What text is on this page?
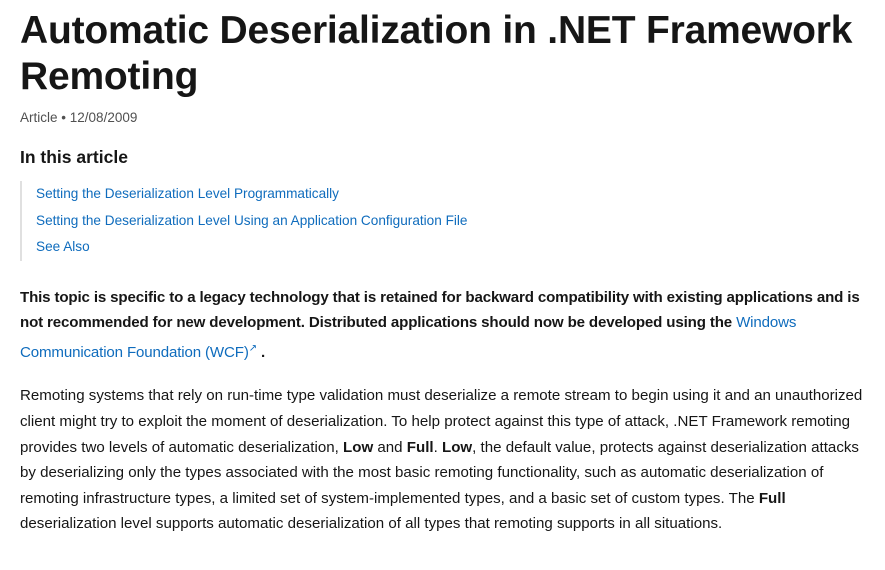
Automatic Deserialization in .NET Framework Remoting
Article • 12/08/2009
In this article
Setting the Deserialization Level Programmatically
Setting the Deserialization Level Using an Application Configuration File
See Also

This topic is specific to a legacy technology that is retained for backward compatibility with existing applications and is not recommended for new development. Distributed applications should now be developed using the Windows Communication Foundation (WCF)↗ .

Remoting systems that rely on run-time type validation must deserialize a remote stream to begin using it and an unauthorized client might try to exploit the moment of deserialization. To help protect against this type of attack, .NET Framework remoting provides two levels of automatic deserialization, Low and Full. Low, the default value, protects against deserialization attacks by deserializing only the types associated with the most basic remoting functionality, such as automatic deserialization of remoting infrastructure types, a limited set of system-implemented types, and a basic set of custom types. The Full deserialization level supports automatic deserialization of all types that remoting supports in all situations.
